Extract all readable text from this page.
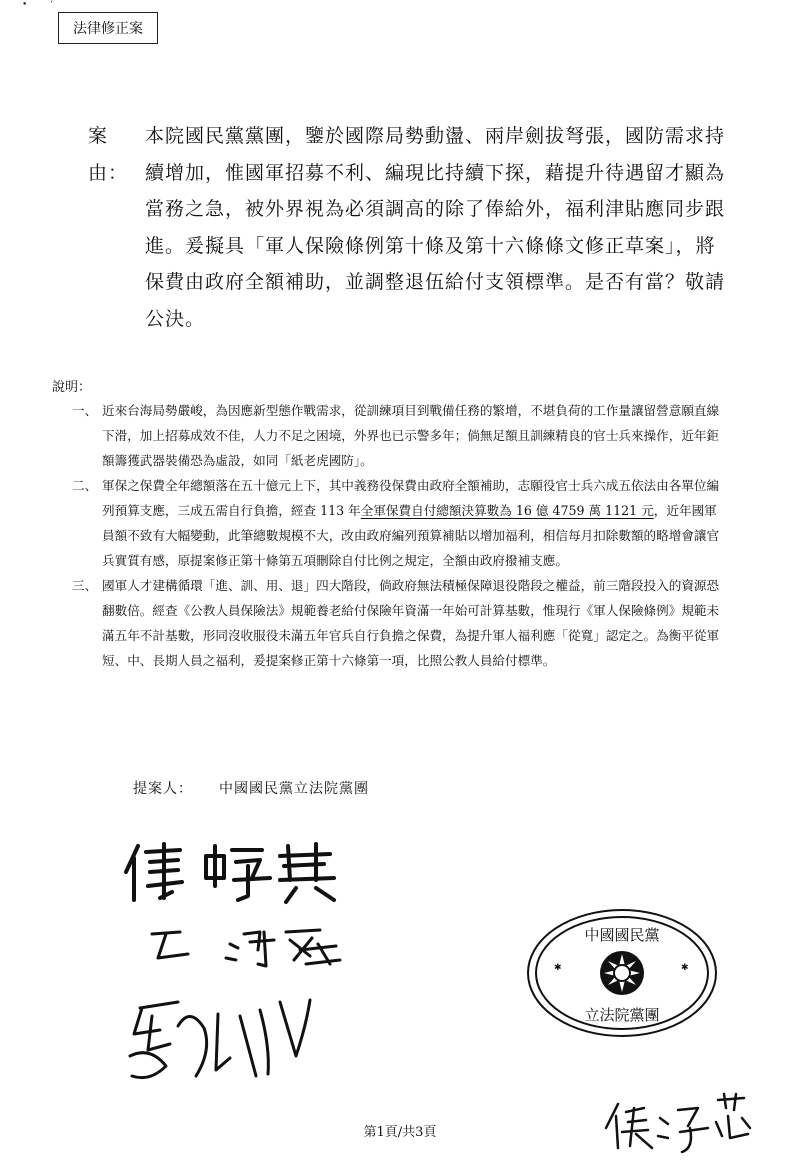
• ʻ
法律修正案
案由：
本院國民黨黨團，鑒於國際局勢動盪、兩岸劍拔弩張，國防需求持續增加，惟國軍招募不利、編現比持續下探，藉提升待遇留才顯為當務之急，被外界視為必須調高的除了俸給外，福利津貼應同步跟進。爰擬具「軍人保險條例第十條及第十六條條文修正草案」，將保費由政府全額補助，並調整退伍給付支領標準。是否有當？敬請公決。
說明：
一、 近來台海局勢嚴峻，為因應新型態作戰需求，從訓練項目到戰備任務的繁增，不堪負荷的工作量讓留營意願直線下滑，加上招募成效不佳，人力不足之困境，外界也已示警多年；倘無足額且訓練精良的官士兵來操作，近年鉅額籌獲武器裝備恐為虛設，如同「紙老虎國防」。
二、 軍保之保費全年總額落在五十億元上下，其中義務役保費由政府全額補助，志願役官士兵六成五依法由各單位編列預算支應，三成五需自行負擔，經查 113 年全軍保費自付總額決算數為 16 億 4759 萬 1121 元，近年國軍員額不致有大幅變動，此筆總數規模不大，改由政府編列預算補貼以增加福利，相信每月扣除數額的略增會讓官兵實質有感，原提案修正第十條第五項刪除自付比例之規定，全額由政府撥補支應。
三、 國軍人才建構循環「進、訓、用、退」四大階段，倘政府無法積極保障退役階段之權益，前三階段投入的資源恐翻數倍。經查《公教人員保險法》規範養老給付保險年資滿一年始可計算基數，惟現行《軍人保險條例》規範未滿五年不計基數，形同沒收服役未滿五年官兵自行負擔之保費，為提升軍人福利應「從寬」認定之。為衡平從軍短、中、長期人員之福利，爰提案修正第十六條第一項，比照公教人員給付標準。
提案人： 中國國民黨立法院黨團
✱	✱
中國國民黨
立法院黨團
第1頁/共3頁
